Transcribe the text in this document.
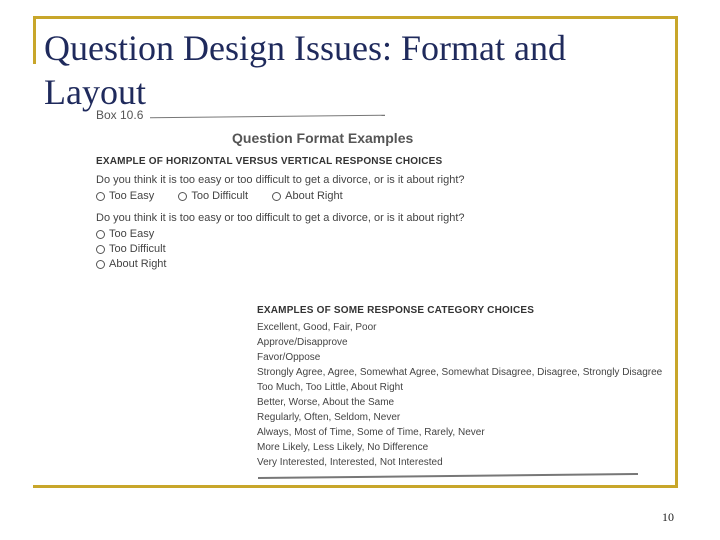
Question Design Issues: Format and Layout
Box 10.6
Question Format Examples
EXAMPLE OF HORIZONTAL VERSUS VERTICAL RESPONSE CHOICES
Do you think it is too easy or too difficult to get a divorce, or is it about right?
Too Easy	Too Difficult	About Right
Do you think it is too easy or too difficult to get a divorce, or is it about right?
Too Easy
Too Difficult
About Right
EXAMPLES OF SOME RESPONSE CATEGORY CHOICES
Excellent, Good, Fair, Poor
Approve/Disapprove
Favor/Oppose
Strongly Agree, Agree, Somewhat Agree, Somewhat Disagree, Disagree, Strongly Disagree
Too Much, Too Little, About Right
Better, Worse, About the Same
Regularly, Often, Seldom, Never
Always, Most of Time, Some of Time, Rarely, Never
More Likely, Less Likely, No Difference
Very Interested, Interested, Not Interested
10
